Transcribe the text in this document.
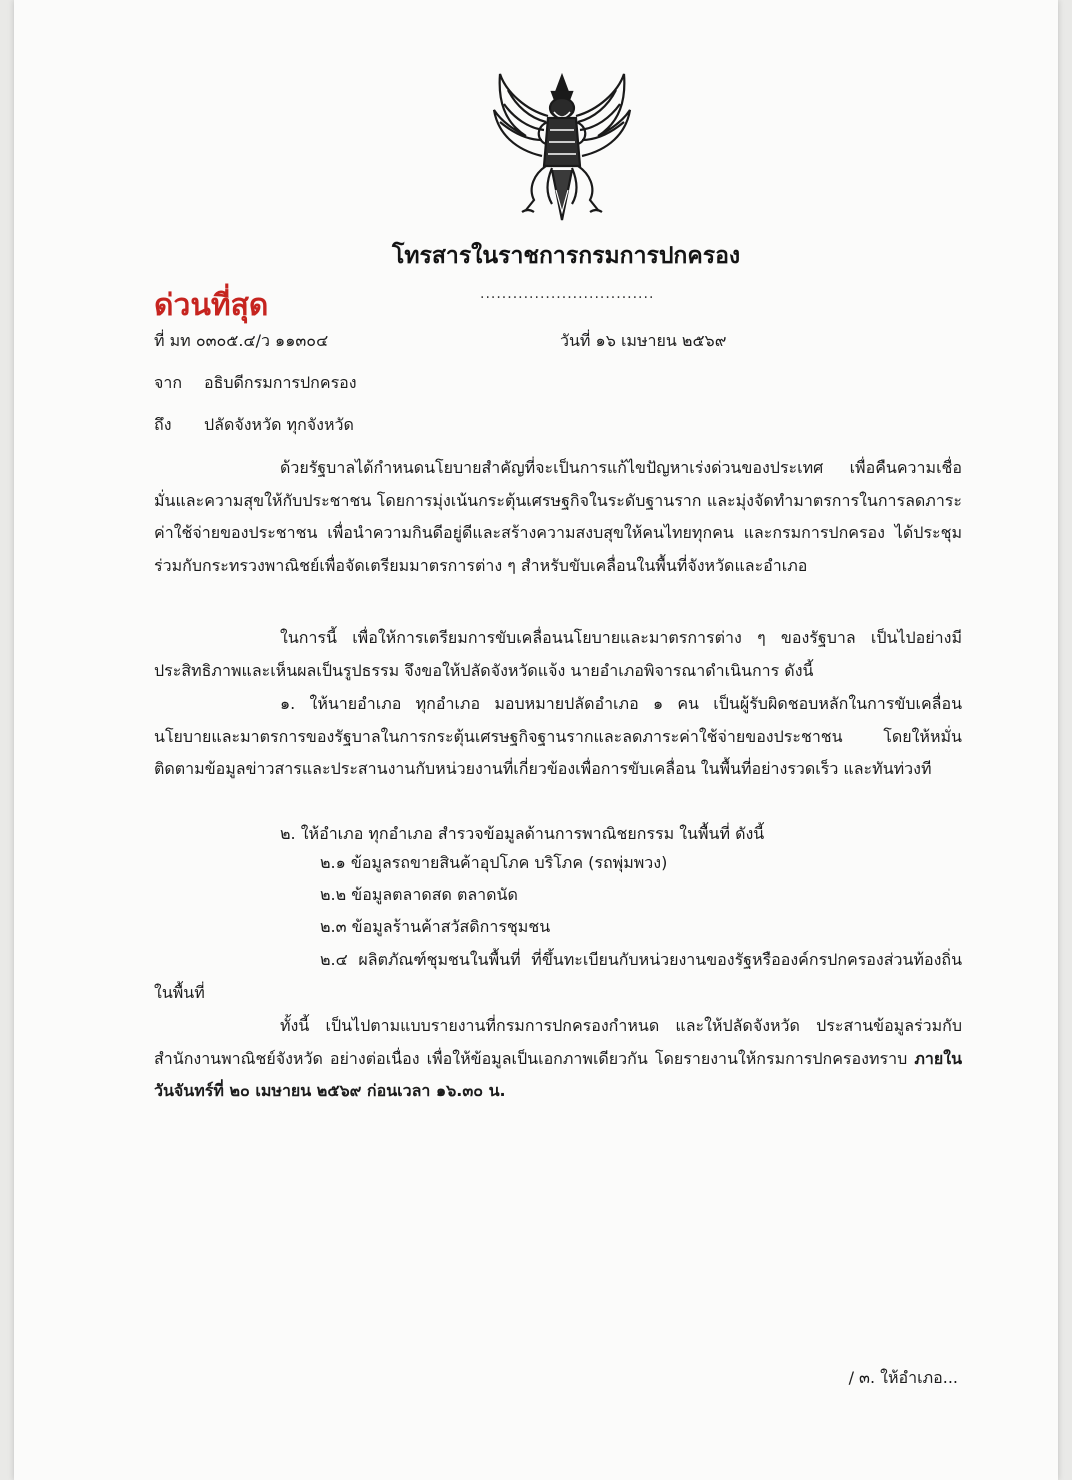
โทรสารในราชการกรมการปกครอง
ด่วนที่สุด	................................
ที่ มท ๐๓๐๕.๔/ว ๑๑๓๐๔	วันที่ ๑๖ เมษายน ๒๕๖๙
จาก อธิบดีกรมการปกครอง
ถึง ปลัดจังหวัด ทุกจังหวัด
ด้วยรัฐบาลได้กำหนดนโยบายสำคัญที่จะเป็นการแก้ไขปัญหาเร่งด่วนของประเทศ เพื่อคืนความเชื่อมั่นและความสุขให้กับประชาชน โดยการมุ่งเน้นกระตุ้นเศรษฐกิจในระดับฐานราก และมุ่งจัดทำมาตรการในการลดภาระค่าใช้จ่ายของประชาชน เพื่อนำความกินดีอยู่ดีและสร้างความสงบสุขให้คนไทยทุกคน และกรมการปกครอง ได้ประชุมร่วมกับกระทรวงพาณิชย์เพื่อจัดเตรียมมาตรการต่าง ๆ สำหรับขับเคลื่อนในพื้นที่จังหวัดและอำเภอ
ในการนี้ เพื่อให้การเตรียมการขับเคลื่อนนโยบายและมาตรการต่าง ๆ ของรัฐบาล เป็นไปอย่างมีประสิทธิภาพและเห็นผลเป็นรูปธรรม จึงขอให้ปลัดจังหวัดแจ้ง นายอำเภอพิจารณาดำเนินการ ดังนี้
๑. ให้นายอำเภอ ทุกอำเภอ มอบหมายปลัดอำเภอ ๑ คน เป็นผู้รับผิดชอบหลักในการขับเคลื่อนนโยบายและมาตรการของรัฐบาลในการกระตุ้นเศรษฐกิจฐานรากและลดภาระค่าใช้จ่ายของประชาชน โดยให้หมั่นติดตามข้อมูลข่าวสารและประสานงานกับหน่วยงานที่เกี่ยวข้องเพื่อการขับเคลื่อน ในพื้นที่อย่างรวดเร็ว และทันท่วงที
๒. ให้อำเภอ ทุกอำเภอ สำรวจข้อมูลด้านการพาณิชยกรรม ในพื้นที่ ดังนี้
๒.๑ ข้อมูลรถขายสินค้าอุปโภค บริโภค (รถพุ่มพวง)
๒.๒ ข้อมูลตลาดสด ตลาดนัด
๒.๓ ข้อมูลร้านค้าสวัสดิการชุมชน
๒.๔ ผลิตภัณฑ์ชุมชนในพื้นที่ ที่ขึ้นทะเบียนกับหน่วยงานของรัฐหรือองค์กรปกครองส่วนท้องถิ่นในพื้นที่
ทั้งนี้ เป็นไปตามแบบรายงานที่กรมการปกครองกำหนด และให้ปลัดจังหวัด ประสานข้อมูลร่วมกับสำนักงานพาณิชย์จังหวัด อย่างต่อเนื่อง เพื่อให้ข้อมูลเป็นเอกภาพเดียวกัน โดยรายงานให้กรมการปกครองทราบ ภายในวันจันทร์ที่ ๒๐ เมษายน ๒๕๖๙ ก่อนเวลา ๑๖.๓๐ น.
/ ๓. ให้อำเภอ...
